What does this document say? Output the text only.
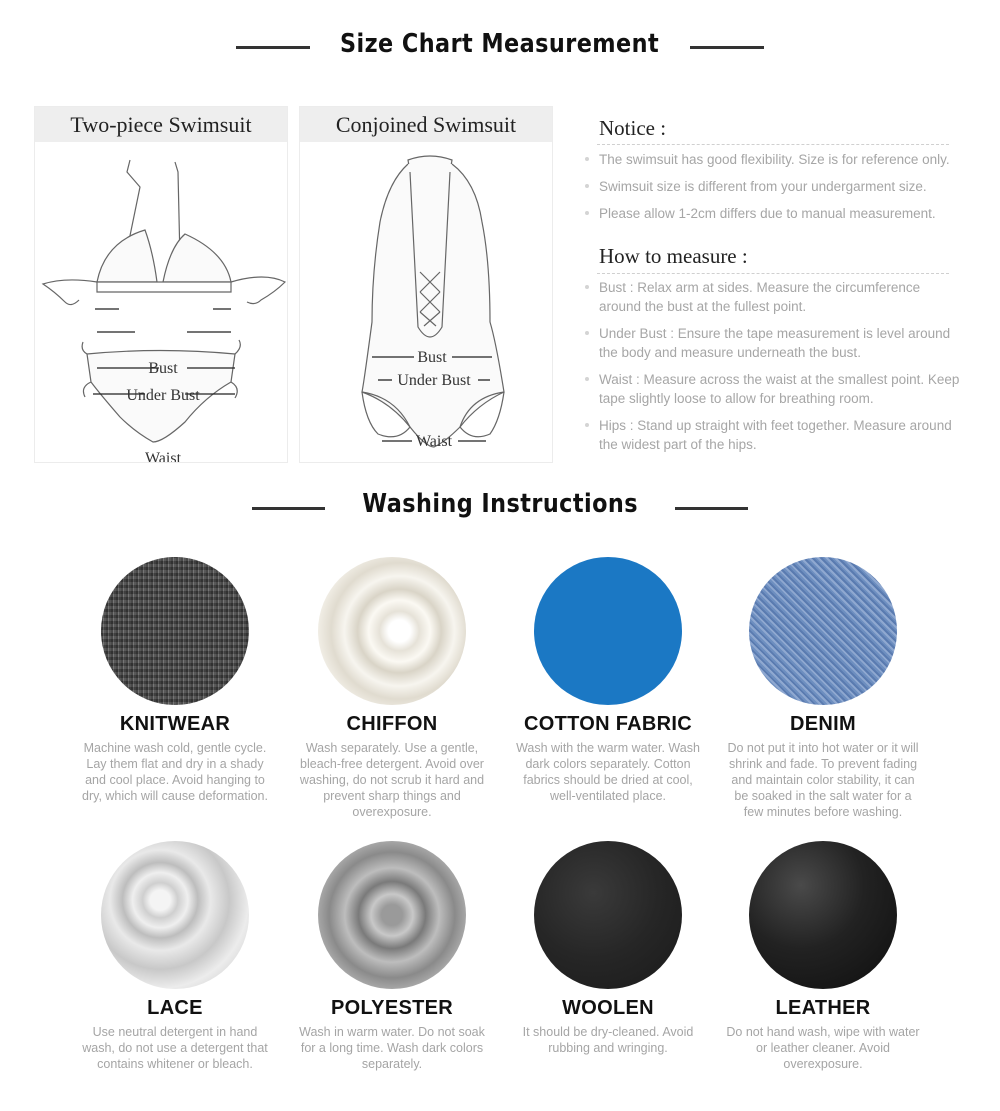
Size Chart Measurement
Two-piece Swimsuit
Bust
Under Bust
Waist
Conjoined Swimsuit
Bust
Under Bust
Waist
Notice :
The swimsuit has good flexibility. Size is for reference only.
Swimsuit size is different from your undergarment size.
Please allow 1-2cm differs due to manual measurement.
How to measure :
Bust : Relax arm at sides. Measure the circumference around the bust at the fullest point.
Under Bust : Ensure the tape measurement is level around the body and measure underneath the bust.
Waist : Measure across the waist at the smallest point. Keep tape slightly loose to allow for breathing room.
Hips : Stand up straight with feet together. Measure around the widest part of the hips.
Washing Instructions
KNITWEAR
Machine wash cold, gentle cycle. Lay them flat and dry in a shady and cool place. Avoid hanging to dry, which will cause deformation.
CHIFFON
Wash separately. Use a gentle, bleach-free detergent. Avoid over washing, do not scrub it hard and prevent sharp things and overexposure.
COTTON FABRIC
Wash with the warm water. Wash dark colors separately. Cotton fabrics should be dried at cool, well-ventilated place.
DENIM
Do not put it into hot water or it will shrink and fade. To prevent fading and maintain color stability, it can be soaked in the salt water for a few minutes before washing.
LACE
Use neutral detergent in hand wash, do not use a detergent that contains whitener or bleach.
POLYESTER
Wash in warm water. Do not soak for a long time. Wash dark colors separately.
WOOLEN
It should be dry-cleaned. Avoid rubbing and wringing.
LEATHER
Do not hand wash, wipe with water or leather cleaner. Avoid overexposure.
